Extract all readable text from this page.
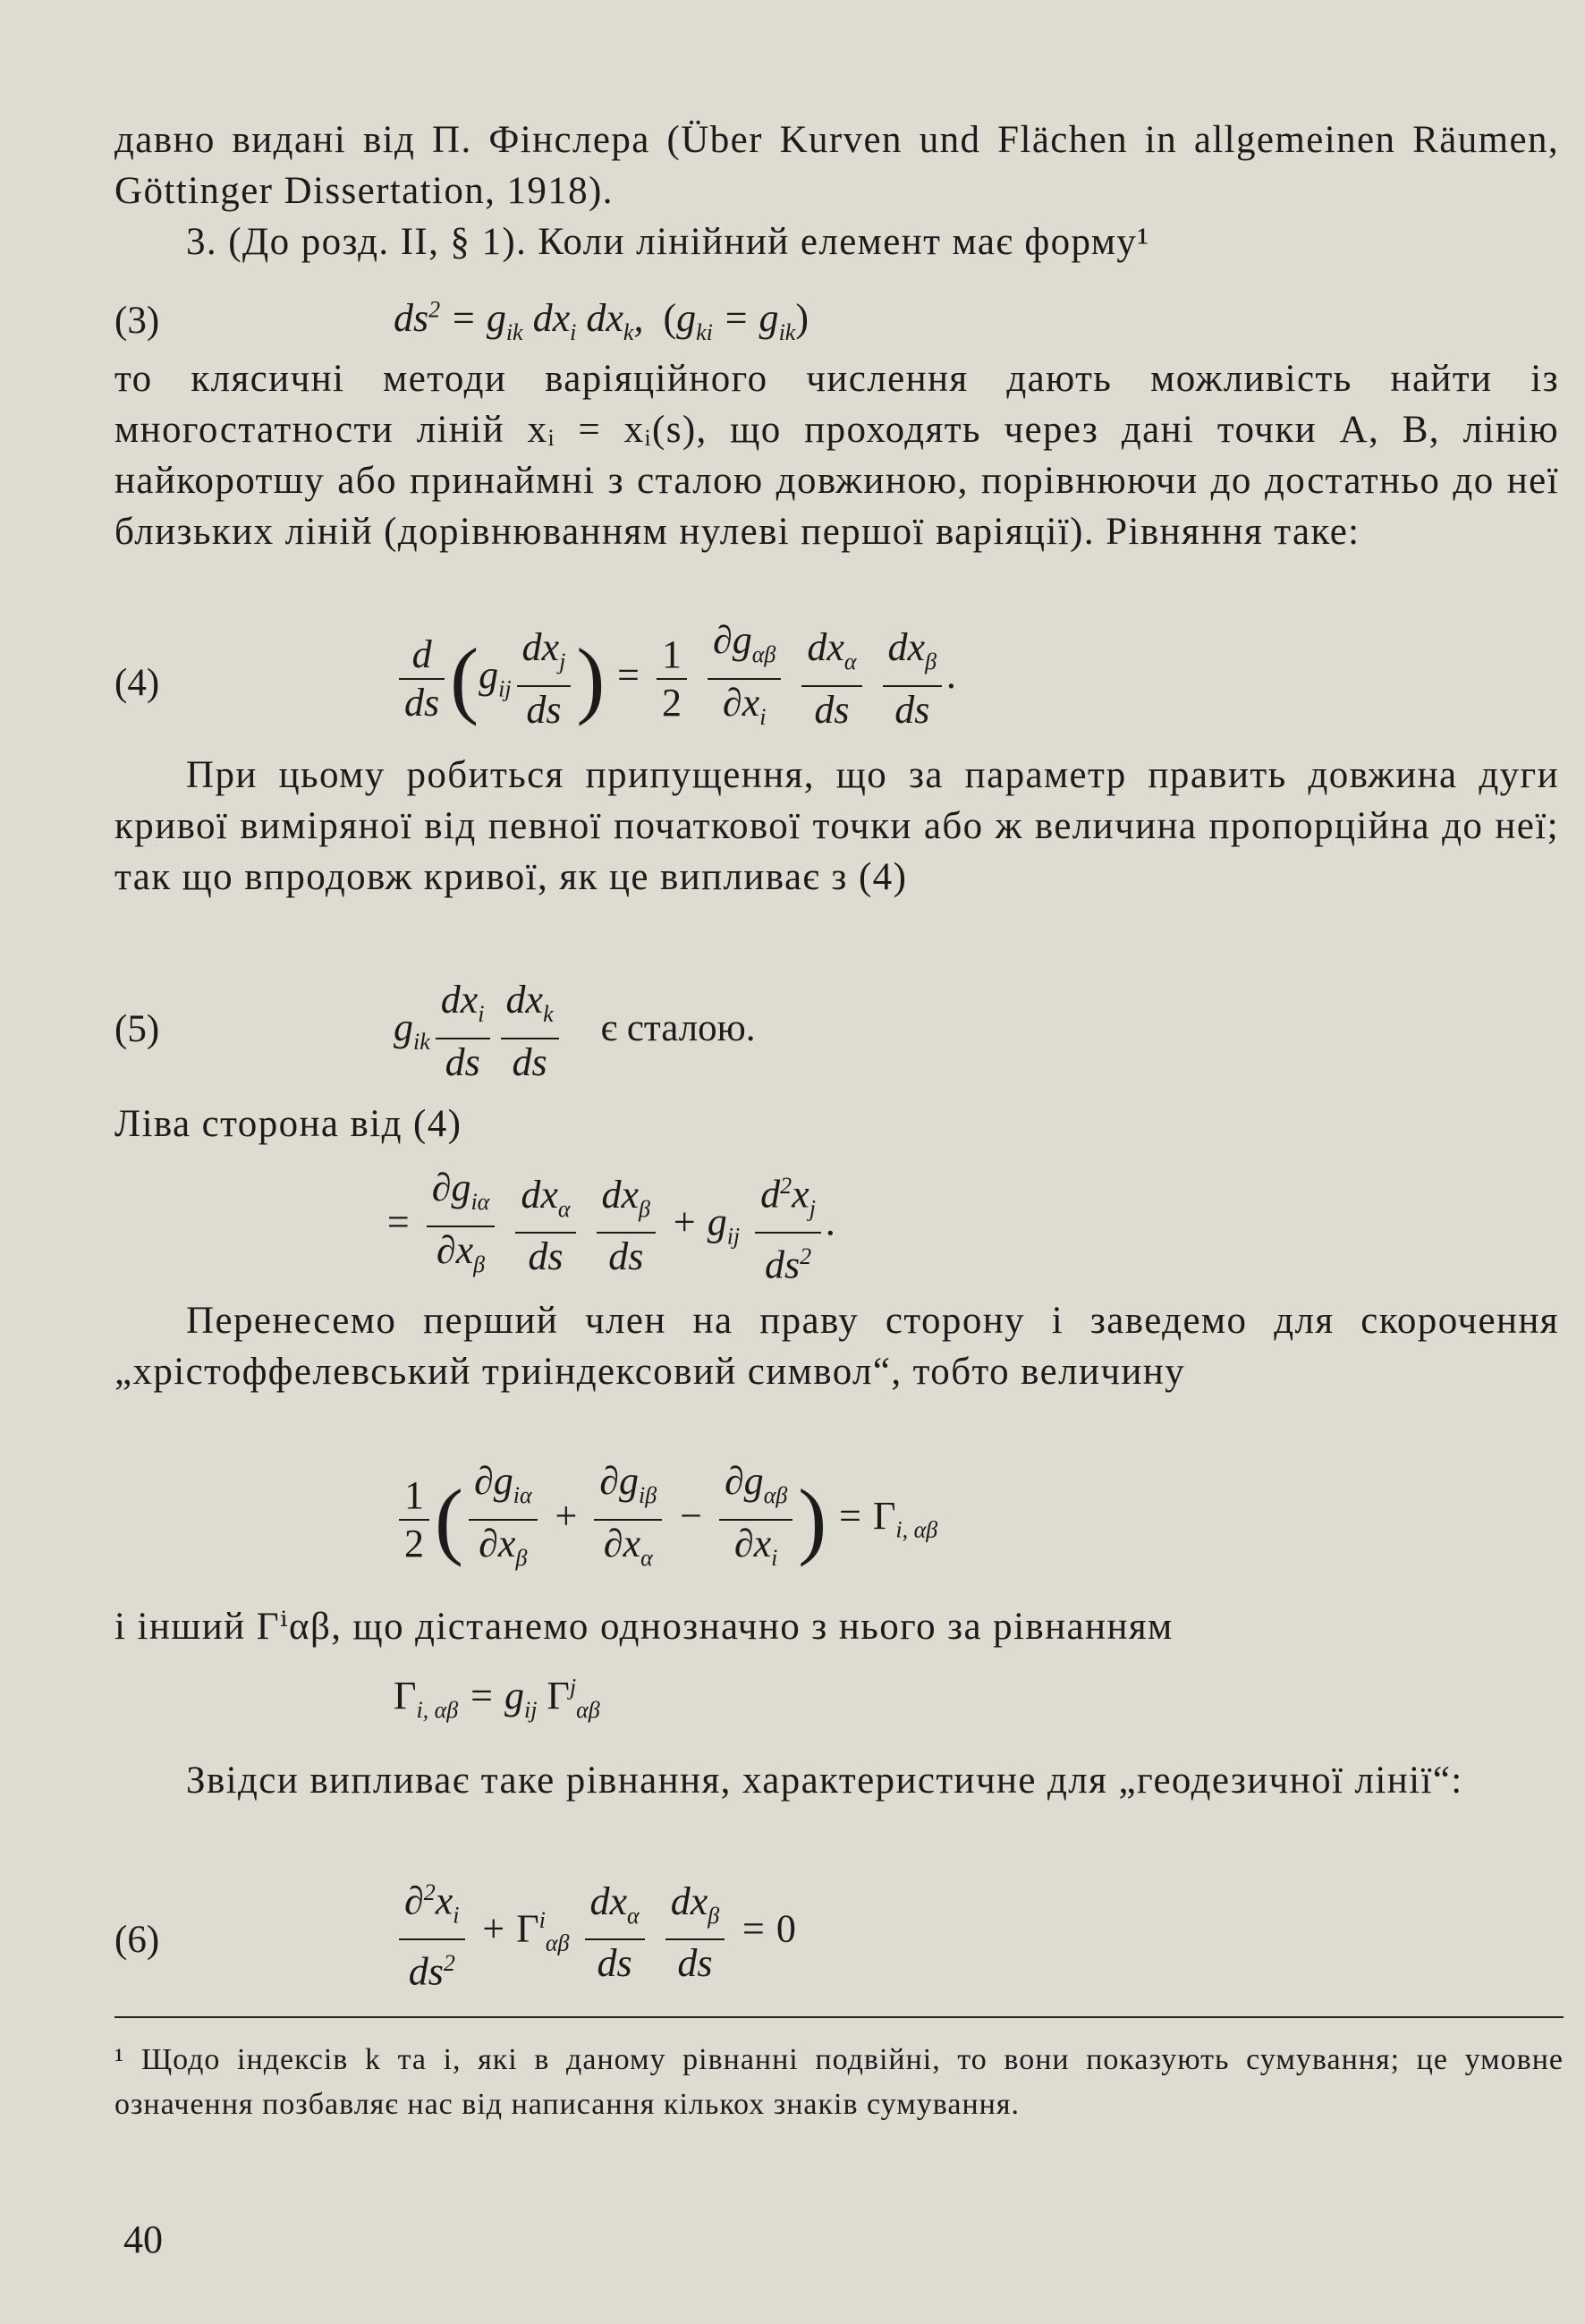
давно видані від П. Фінслера (Über Kurven und Flächen in allgemeinen Räumen, Göttinger Dissertation, 1918).

3. (До розд. II, § 1). Коли лінійний елемент має форму¹

(3)	$ds^2 = g_{ik}$ $dx_i$ $dx_k$,  $(g_{ki} = g_{ik})$

то клясичні методи варіяційного числення дають можливість найти із многостатности ліній xᵢ = xᵢ(s), що проходять через дані точки A, B, лінію найкоротшу або принаймні з сталою довжиною, порівнюючи до достатньо до неї близьких ліній (дорівнюванням нулеві першої варіяції). Рівняння таке:

(4)	$\frac{d}{ds} (g_{ij} \frac{dx_j}{ds}$ ) = $\frac{1}{2}$
$\frac{\partial g_{\alpha\beta}}{\partial x_i}$
$\frac{dx_\alpha}{ds}$
$\frac{dx_\beta}{ds}$ .

При цьому робиться припущення, що за параметр править довжина дуги кривої виміряної від певної початкової точки або ж величина пропорційна до неї; так що впродовж кривої, як це випливає з (4)

(5)	$g_{ik} \frac{dx_i}{ds} \frac{dx_k}{ds}$ є сталою.

Ліва сторона від (4)

= $\frac{\partial g_{i\alpha}}{\partial x_\beta}$
$\frac{dx_\alpha}{ds}$
$\frac{dx_\beta}{ds} + g_{ij} \frac{d^2x_j}{ds^2}$ .

Перенесемо перший член на праву сторону і заведемо для скорочення „хрістоффелевський триіндексовий символ“, тобто величину

$\frac{1}{2}$ ( $\frac{\partial g_{i\alpha}}{\partial x_\beta} + \frac{\partial g_{i\beta}}{\partial x_\alpha} - \frac{\partial g_{\alpha\beta}}{\partial x_i}$ ) = $\Gamma_{i, \alpha\beta}$

і інший Γⁱαβ, що дістанемо однозначно з нього за рівнанням

$\Gamma_{i, \alpha\beta} = g_{ij}$ $\Gamma^j_{\alpha\beta}$

Звідси випливає таке рівнання, характеристичне для „геодезичної лінії“:

(6)	$\frac{\partial^2x_i}{ds^2} + \Gamma^i_{\alpha\beta} \frac{dx_\alpha}{ds}$
$\frac{dx_\beta}{ds} = 0$

¹ Щодо індексів k та i, які в даному рівнанні подвійні, то вони показують сумування; це умовне означення позбавляє нас від написання кількох знаків сумування.

40
